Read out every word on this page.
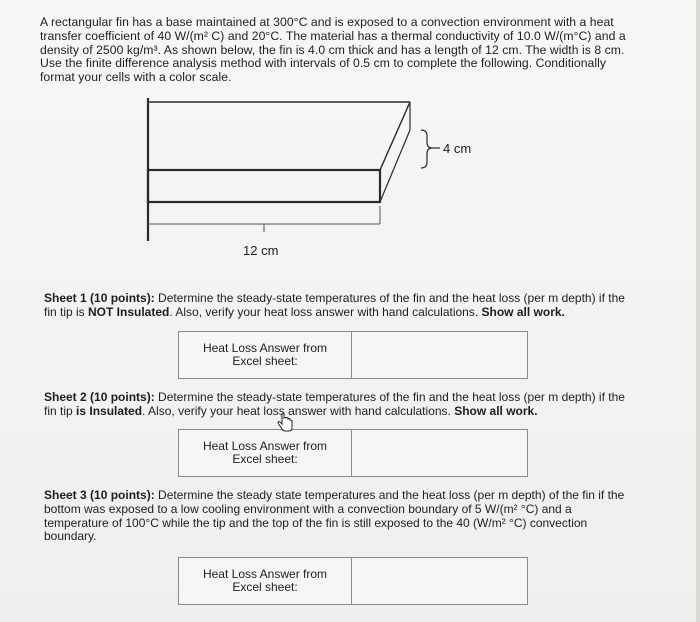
A rectangular fin has a base maintained at 300°C and is exposed to a convection environment with a heat

transfer coefficient of 40 W/(m² C) and 20°C. The material has a thermal conductivity of 10.0 W/(m°C) and a

density of 2500 kg/m³. As shown below, the fin is 4.0 cm thick and has a length of 12 cm. The width is 8 cm.

Use the finite difference analysis method with intervals of 0.5 cm to complete the following. Conditionally

format your cells with a color scale.

12 cm
4 cm

Sheet 1 (10 points): Determine the steady-state temperatures of the fin and the heat loss (per m depth) if the

fin tip is NOT Insulated. Also, verify your heat loss answer with hand calculations. Show all work.

Heat Loss Answer from
Excel sheet:

Sheet 2 (10 points): Determine the steady-state temperatures of the fin and the heat loss (per m depth) if the

fin tip is Insulated. Also, verify your heat loss answer with hand calculations. Show all work.

Heat Loss Answer from
Excel sheet:

Sheet 3 (10 points): Determine the steady state temperatures and the heat loss (per m depth) of the fin if the

bottom was exposed to a low cooling environment with a convection boundary of 5 W/(m² °C) and a

temperature of 100°C while the tip and the top of the fin is still exposed to the 40 (W/m² °C) convection

boundary.

Heat Loss Answer from
Excel sheet:
